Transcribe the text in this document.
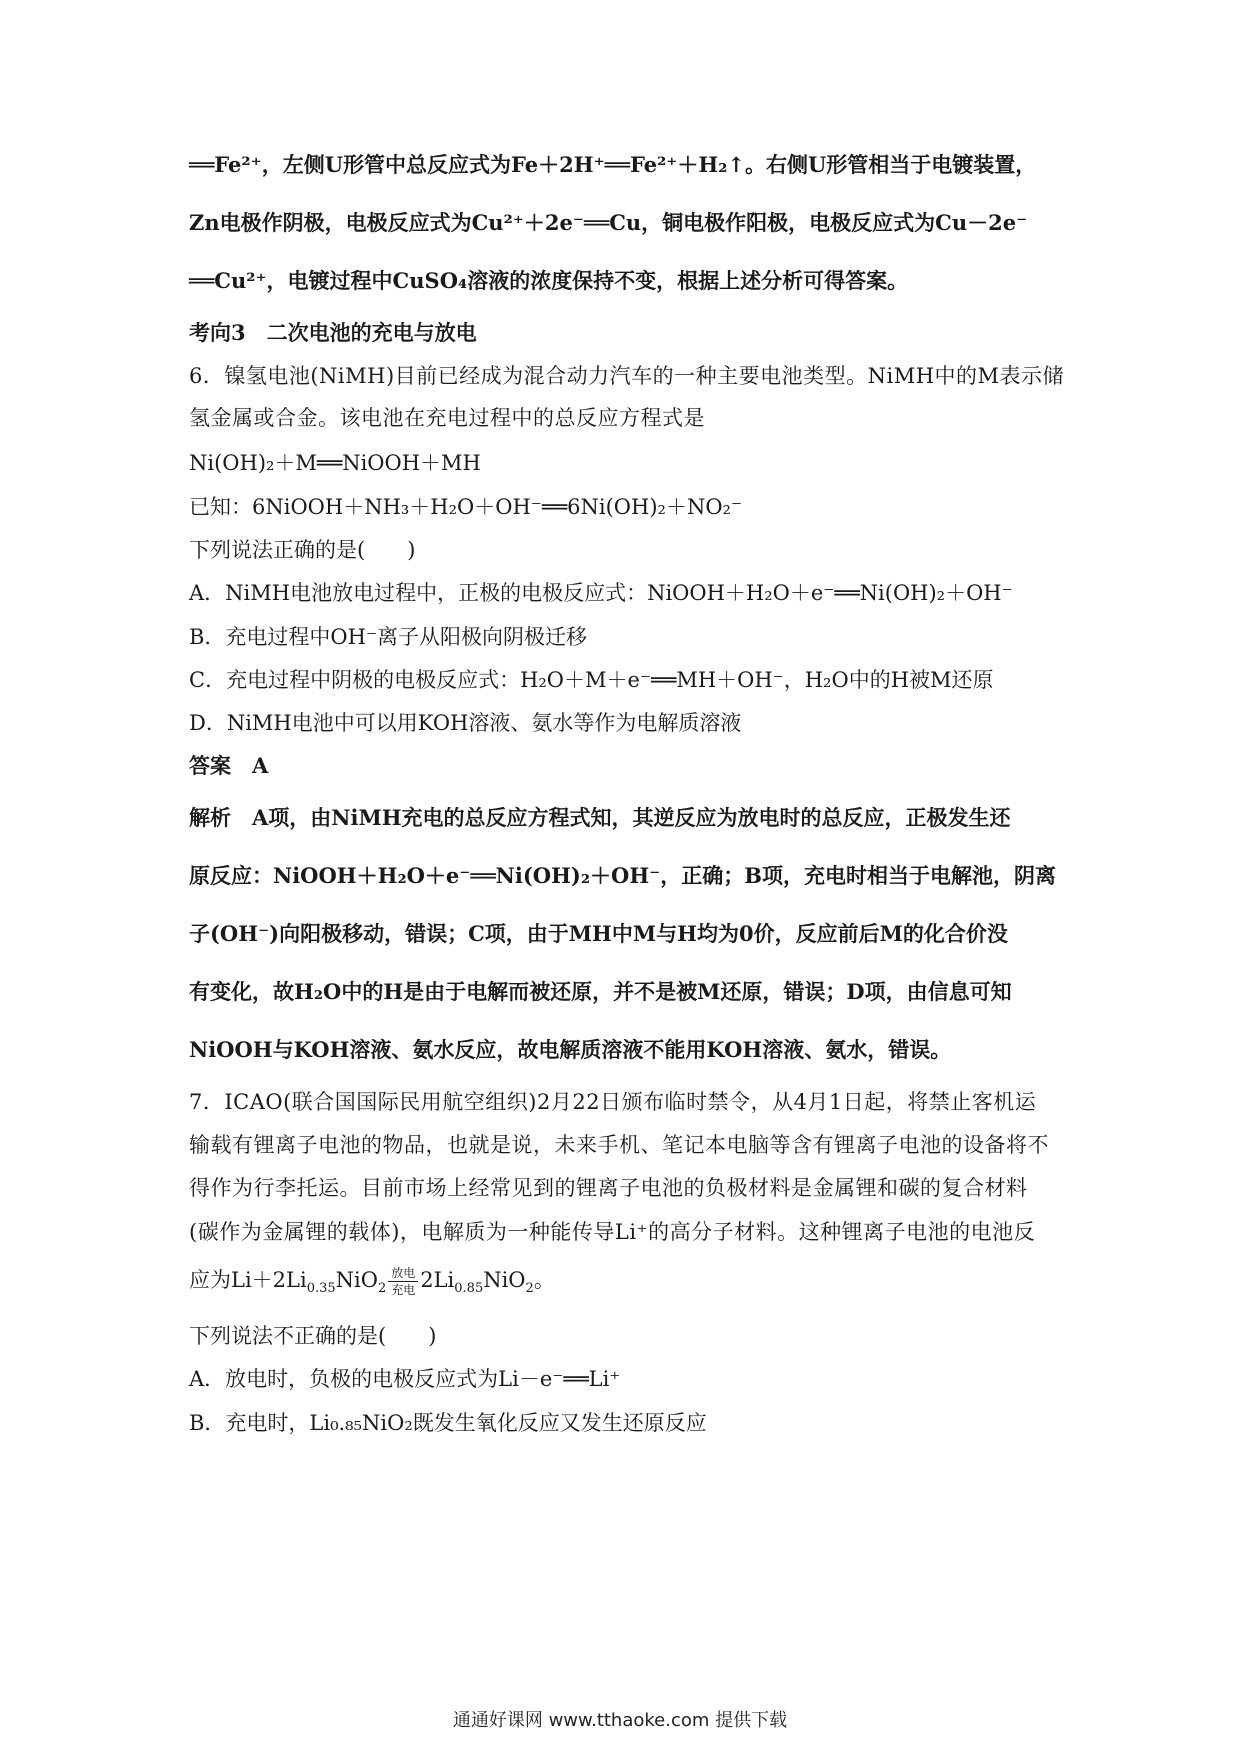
══Fe²⁺，左侧U形管中总反应式为Fe＋2H⁺══Fe²⁺＋H₂↑。右侧U形管相当于电镀装置，
Zn电极作阴极，电极反应式为Cu²⁺＋2e⁻══Cu，铜电极作阳极，电极反应式为Cu－2e⁻
══Cu²⁺，电镀过程中CuSO₄溶液的浓度保持不变，根据上述分析可得答案。
考向3　二次电池的充电与放电
6．镍氢电池(NiMH)目前已经成为混合动力汽车的一种主要电池类型。NiMH中的M表示储
氢金属或合金。该电池在充电过程中的总反应方程式是
Ni(OH)₂＋M══NiOOH＋MH
已知：6NiOOH＋NH₃＋H₂O＋OH⁻══6Ni(OH)₂＋NO₂⁻
下列说法正确的是(　　)
A．NiMH电池放电过程中，正极的电极反应式：NiOOH＋H₂O＋e⁻══Ni(OH)₂＋OH⁻
B．充电过程中OH⁻离子从阳极向阴极迁移
C．充电过程中阴极的电极反应式：H₂O＋M＋e⁻══MH＋OH⁻，H₂O中的H被M还原
D．NiMH电池中可以用KOH溶液、氨水等作为电解质溶液
答案　A
解析　A项，由NiMH充电的总反应方程式知，其逆反应为放电时的总反应，正极发生还
原反应：NiOOH＋H₂O＋e⁻══Ni(OH)₂＋OH⁻，正确；B项，充电时相当于电解池，阴离
子(OH⁻)向阳极移动，错误；C项，由于MH中M与H均为0价，反应前后M的化合价没
有变化，故H₂O中的H是由于电解而被还原，并不是被M还原，错误；D项，由信息可知
NiOOH与KOH溶液、氨水反应，故电解质溶液不能用KOH溶液、氨水，错误。
7．ICAO(联合国国际民用航空组织)2月22日颁布临时禁令，从4月1日起，将禁止客机运
输载有锂离子电池的物品，也就是说，未来手机、笔记本电脑等含有锂离子电池的设备将不
得作为行李托运。目前市场上经常见到的锂离子电池的负极材料是金属锂和碳的复合材料
(碳作为金属锂的载体)，电解质为一种能传导Li⁺的高分子材料。这种锂离子电池的电池反
应为$Li+2Li_{0.35}NiO_2$
放电
充电 $2Li_{0.85}NiO_2$。
下列说法不正确的是(　　)
A．放电时，负极的电极反应式为Li－e⁻══Li⁺
B．充电时，Li₀.₈₅NiO₂既发生氧化反应又发生还原反应
通通好课网 www.tthaoke.com 提供下载
